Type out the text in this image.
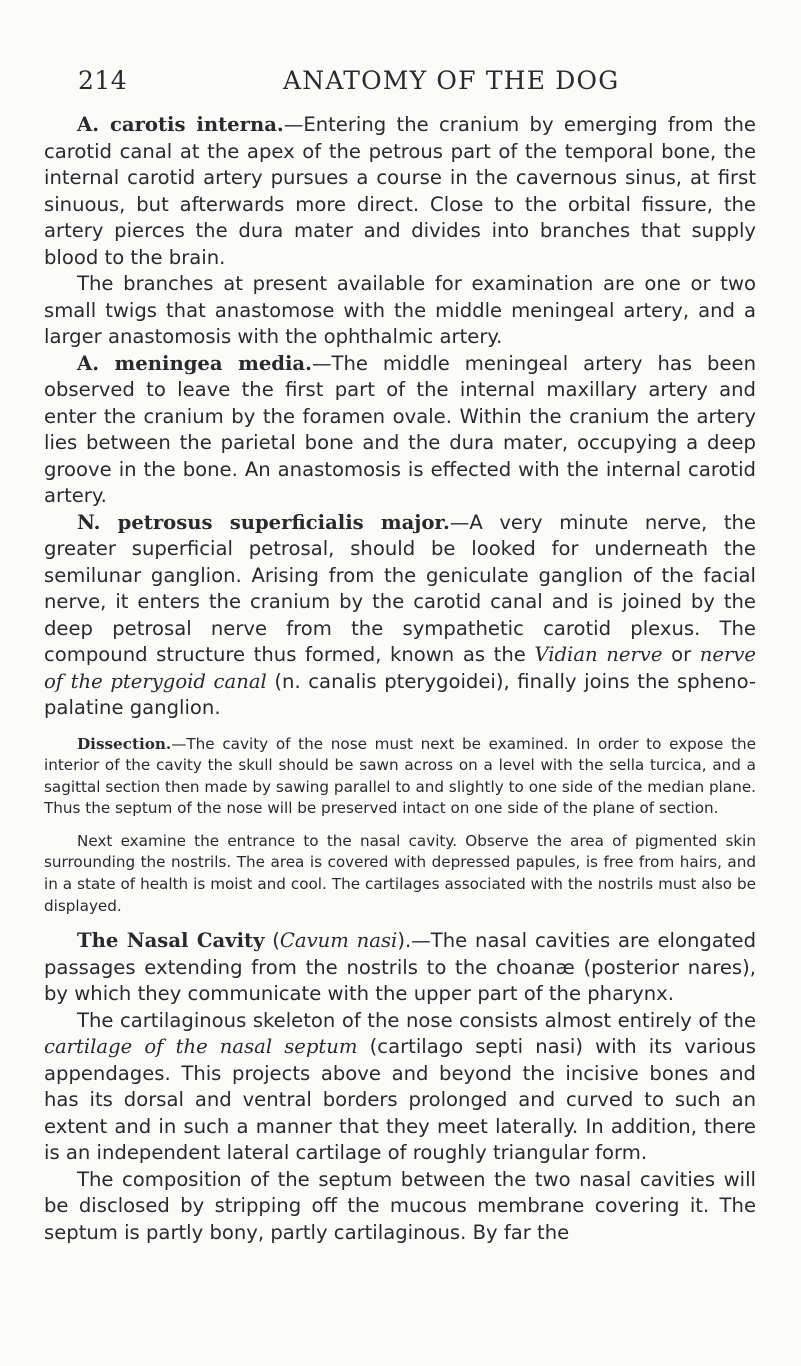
214	ANATOMY OF THE DOG

A. carotis interna.—Entering the cranium by emerging from the carotid canal at the apex of the petrous part of the temporal bone, the internal carotid artery pursues a course in the cavernous sinus, at first sinuous, but afterwards more direct. Close to the orbital fissure, the artery pierces the dura mater and divides into branches that supply blood to the brain.

The branches at present available for examination are one or two small twigs that anastomose with the middle meningeal artery, and a larger anastomosis with the ophthalmic artery.

A. meningea media.—The middle meningeal artery has been observed to leave the first part of the internal maxillary artery and enter the cranium by the foramen ovale. Within the cranium the artery lies between the parietal bone and the dura mater, occupying a deep groove in the bone. An anastomosis is effected with the internal carotid artery.

N. petrosus superficialis major.—A very minute nerve, the greater superficial petrosal, should be looked for underneath the semilunar ganglion. Arising from the geniculate ganglion of the facial nerve, it enters the cranium by the carotid canal and is joined by the deep petrosal nerve from the sympathetic carotid plexus. The compound structure thus formed, known as the Vidian nerve or nerve of the pterygoid canal (n. canalis pterygoidei), finally joins the spheno-palatine ganglion.

Dissection.—The cavity of the nose must next be examined. In order to expose the interior of the cavity the skull should be sawn across on a level with the sella turcica, and a sagittal section then made by sawing parallel to and slightly to one side of the median plane. Thus the septum of the nose will be preserved intact on one side of the plane of section.

Next examine the entrance to the nasal cavity. Observe the area of pigmented skin surrounding the nostrils. The area is covered with depressed papules, is free from hairs, and in a state of health is moist and cool. The cartilages associated with the nostrils must also be displayed.

The Nasal Cavity (Cavum nasi).—The nasal cavities are elongated passages extending from the nostrils to the choanæ (posterior nares), by which they communicate with the upper part of the pharynx.

The cartilaginous skeleton of the nose consists almost entirely of the cartilage of the nasal septum (cartilago septi nasi) with its various appendages. This projects above and beyond the incisive bones and has its dorsal and ventral borders prolonged and curved to such an extent and in such a manner that they meet laterally. In addition, there is an independent lateral cartilage of roughly triangular form.

The composition of the septum between the two nasal cavities will be disclosed by stripping off the mucous membrane covering it. The septum is partly bony, partly cartilaginous. By far the
